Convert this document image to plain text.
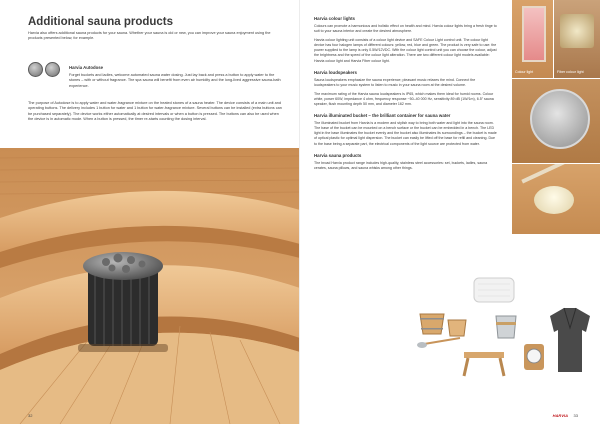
Additional sauna products

Harvia also offers additional sauna products for your sauna. Whether your sauna is old or new, you can improve your sauna enjoyment using the products presented below, for example.

Harvia Autodose

Forget buckets and ladles, welcome automated sauna water dosing. Just lay back and press a button to apply water to the stones – with or without fragrance. The spa sauna will benefit from even air humidity and the long-lived aggressive sauna-bath experience.

The purpose of Autodose is to apply water and water-fragrance mixture on the heated stones of a sauna heater. The device consists of a main unit and operating buttons. The delivery includes 1 button for water and 1 button for water-fragrance mixture. Several buttons can be installed (extra buttons can be purchased separately). The device works either automatically at desired intervals or when a button is pressed. The buttons can also be used when the device is in automatic mode. When a button is pressed, the timer re-starts counting the dosing interval.

32
Harvia colour lights

Colours can promote a harmonious and holistic effect on health and mind. Harvia colour lights bring a fresh tinge to suit to your sauna interior and create the desired atmosphere.

Harvia colour lighting unit consists of a colour light device and SAFE Colour Light control unit. The colour light device has four halogen lamps of different colours: yellow, red, blue and green. The product is very safe to use: the power supplied to the lamp is only 0.5W/12VDC. With the colour light control unit you can choose the colour, adjust the brightness and the speed of the colour light alteration. There are two different colour light models available: Harvia colour light and Harvia Fiber colour light.

Harvia loudspeakers

Sauna loudspeakers emphasize the sauna experience; pleasant music relaxes the mind. Connect the loudspeakers to your music system to listen to music in your sauna room at the desired volume.

The maximum rating of the Harvia sauna loudspeakers is IP65, which makes them ideal for humid rooms. Colour white, power 60W, impedance 4 ohm, frequency response ~50–40 000 Hz, sensitivity 89 dB (1W/1m), 6.5" sauna speaker, flush mounting depth 50 mm, and diameter 162 mm.

Harvia illuminated bucket – the brilliant container for sauna water

The illuminated bucket from Harvia is a modern and stylish way to bring both water and light into the sauna room. The base of the bucket can be mounted on a bench surface or the bucket can be embedded in a bench. The LED light in the base illuminates the bucket evenly and the bucket also illuminates its surroundings – the bucket is made of optical plastic for optimal light dispersion. The bucket can easily be lifted off the base for refill and cleaning. Due to the base being a separate part, the electrical components of the light source are protected from water.

Harvia sauna products

The broad Harvia product range includes high-quality, stainless steel accessories: set, buckets, ladles, sauna cerates, sauna pillows, and sauna whisks among other things.

Colour light	Fiber colour light
HARVIA 33
